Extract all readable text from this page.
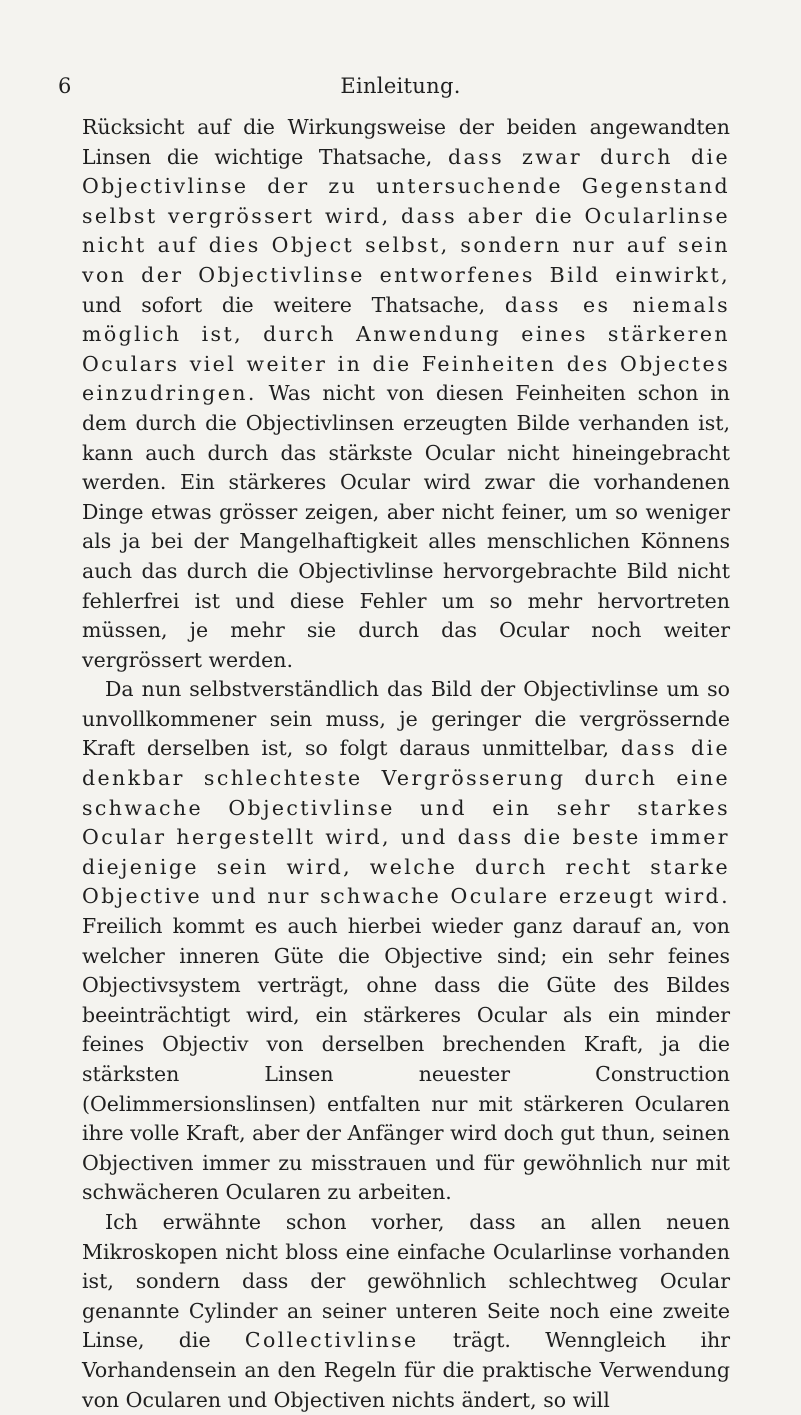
6	Einleitung.

Rücksicht auf die Wirkungsweise der beiden angewandten Linsen die wichtige Thatsache, dass zwar durch die Objectivlinse der zu untersuchende Gegenstand selbst vergrössert wird, dass aber die Ocularlinse nicht auf dies Object selbst, sondern nur auf sein von der Objectivlinse entworfenes Bild einwirkt, und sofort die weitere Thatsache, dass es niemals möglich ist, durch Anwendung eines stärkeren Oculars viel weiter in die Feinheiten des Objectes einzudringen. Was nicht von diesen Feinheiten schon in dem durch die Objectivlinsen erzeugten Bilde verhanden ist, kann auch durch das stärkste Ocular nicht hineingebracht werden. Ein stärkeres Ocular wird zwar die vorhandenen Dinge etwas grösser zeigen, aber nicht feiner, um so weniger als ja bei der Mangelhaftigkeit alles menschlichen Könnens auch das durch die Objectivlinse hervorgebrachte Bild nicht fehlerfrei ist und diese Fehler um so mehr hervortreten müssen, je mehr sie durch das Ocular noch weiter vergrössert werden.

Da nun selbstverständlich das Bild der Objectivlinse um so unvollkommener sein muss, je geringer die vergrössernde Kraft derselben ist, so folgt daraus unmittelbar, dass die denkbar schlechteste Vergrösserung durch eine schwache Objectivlinse und ein sehr starkes Ocular hergestellt wird, und dass die beste immer diejenige sein wird, welche durch recht starke Objective und nur schwache Oculare erzeugt wird. Freilich kommt es auch hierbei wieder ganz darauf an, von welcher inneren Güte die Objective sind; ein sehr feines Objectivsystem verträgt, ohne dass die Güte des Bildes beeinträchtigt wird, ein stärkeres Ocular als ein minder feines Objectiv von derselben brechenden Kraft, ja die stärksten Linsen neuester Construction (Oelimmersionslinsen) entfalten nur mit stärkeren Ocularen ihre volle Kraft, aber der Anfänger wird doch gut thun, seinen Objectiven immer zu misstrauen und für gewöhnlich nur mit schwächeren Ocularen zu arbeiten.

Ich erwähnte schon vorher, dass an allen neuen Mikroskopen nicht bloss eine einfache Ocularlinse vorhanden ist, sondern dass der gewöhnlich schlechtweg Ocular genannte Cylinder an seiner unteren Seite noch eine zweite Linse, die Collectivlinse trägt. Wenngleich ihr Vorhandensein an den Regeln für die praktische Verwendung von Ocularen und Objectiven nichts ändert, so will
